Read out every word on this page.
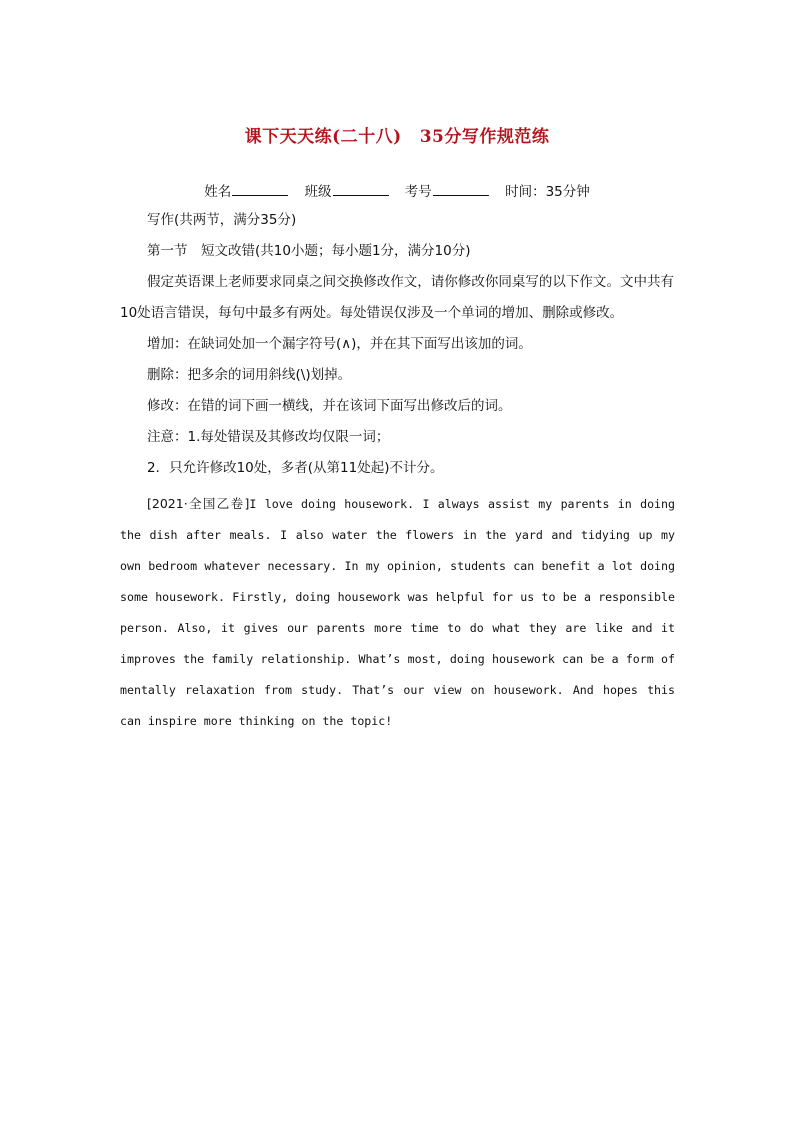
课下天天练(二十八) 35分写作规范练
姓名	班级	考号	时间：35分钟

写作(共两节，满分35分)

第一节　短文改错(共10小题；每小题1分，满分10分)

假定英语课上老师要求同桌之间交换修改作文，请你修改你同桌写的以下作文。文中共有10处语言错误，每句中最多有两处。每处错误仅涉及一个单词的增加、删除或修改。

增加：在缺词处加一个漏字符号(∧)，并在其下面写出该加的词。

删除：把多余的词用斜线(\)划掉。

修改：在错的词下画一横线，并在该词下面写出修改后的词。

注意：1.每处错误及其修改均仅限一词；

2．只允许修改10处，多者(从第11处起)不计分。

[2021·全国乙卷]I love doing housework. I always assist my parents in doing the dish after meals. I also water the flowers in the yard and tidying up my own bedroom whatever necessary. In my opinion, students can benefit a lot doing some housework. Firstly, doing housework was helpful for us to be a responsible person. Also, it gives our parents more time to do what they are like and it improves the family relationship. What’s most, doing housework can be a form of mentally relaxation from study. That’s our view on housework. And hopes this can inspire more thinking on the topic!
